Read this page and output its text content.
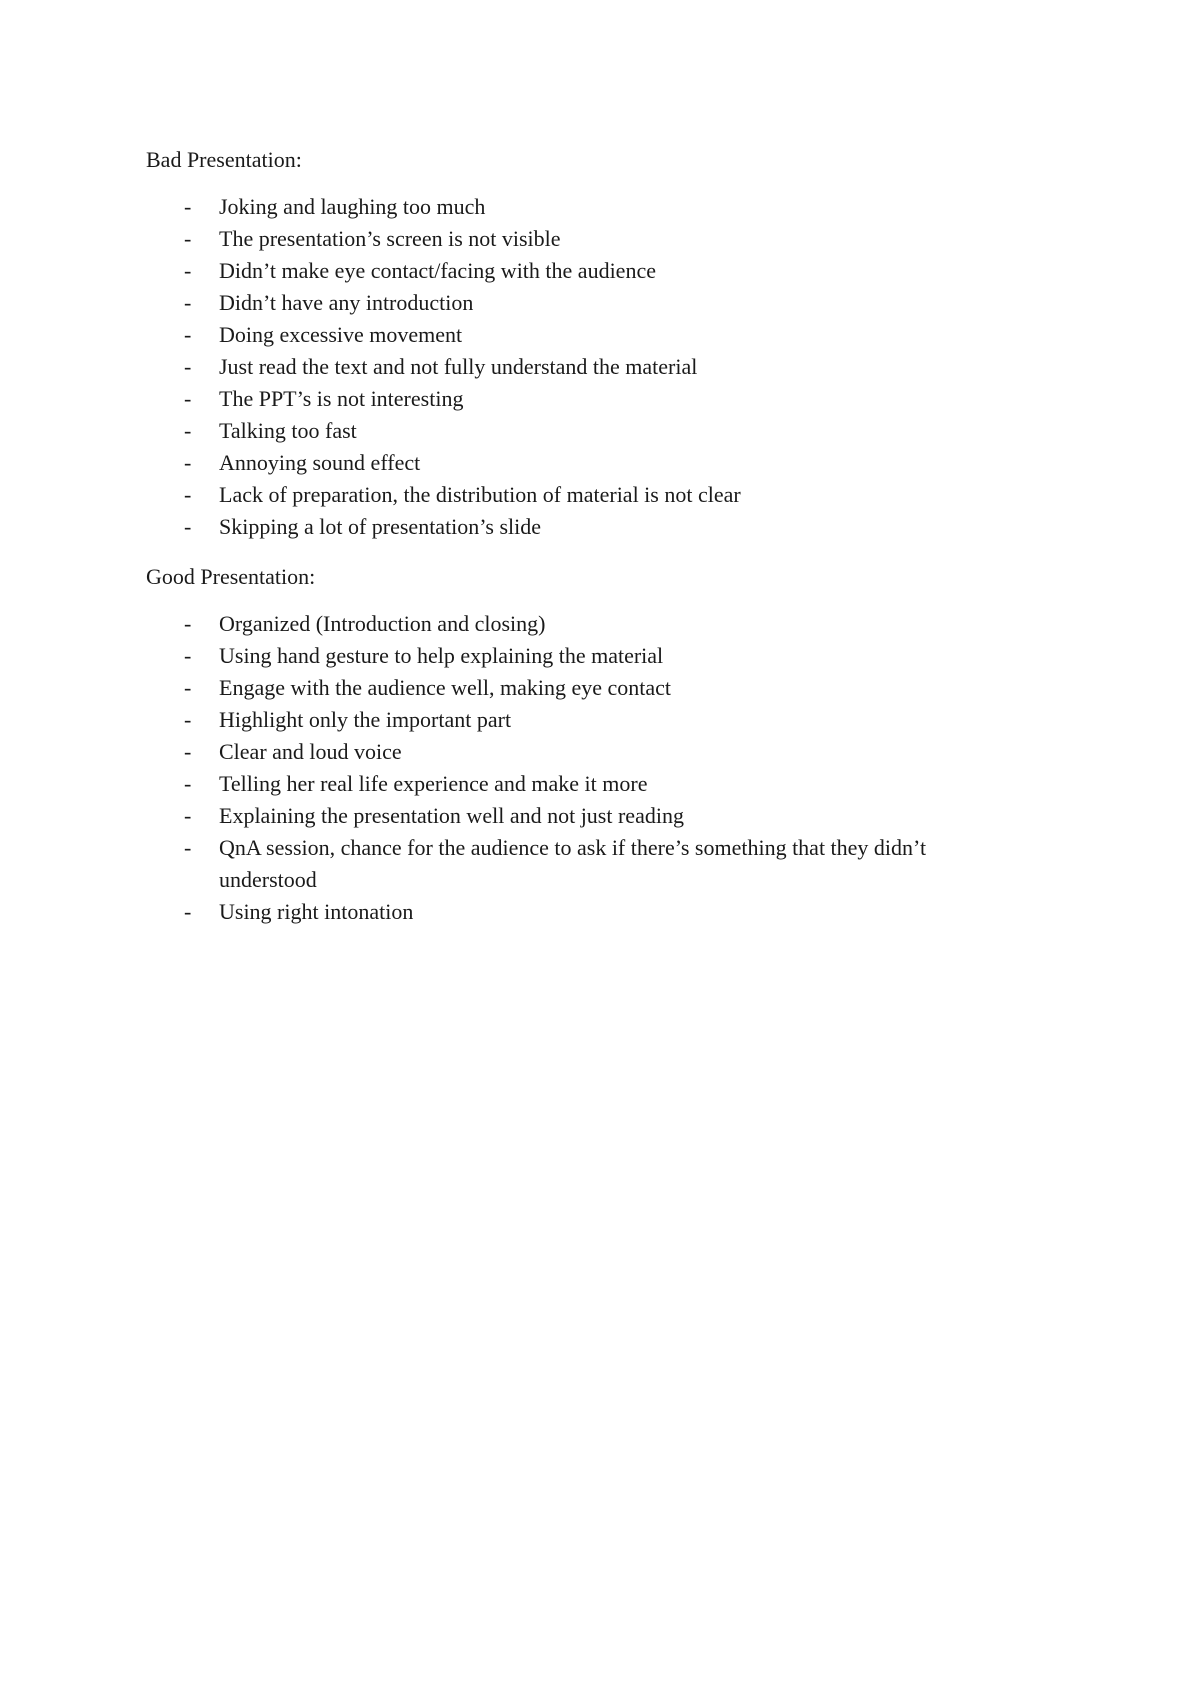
Bad Presentation:
- Joking and laughing too much
- The presentation’s screen is not visible
- Didn’t make eye contact/facing with the audience
- Didn’t have any introduction
- Doing excessive movement
- Just read the text and not fully understand the material
- The PPT’s is not interesting
- Talking too fast
- Annoying sound effect
- Lack of preparation, the distribution of material is not clear
- Skipping a lot of presentation’s slide
Good Presentation:
- Organized (Introduction and closing)
- Using hand gesture to help explaining the material
- Engage with the audience well, making eye contact
- Highlight only the important part
- Clear and loud voice
- Telling her real life experience and make it more
- Explaining the presentation well and not just reading
- QnA session, chance for the audience to ask if there’s something that they didn’t understood
- Using right intonation
